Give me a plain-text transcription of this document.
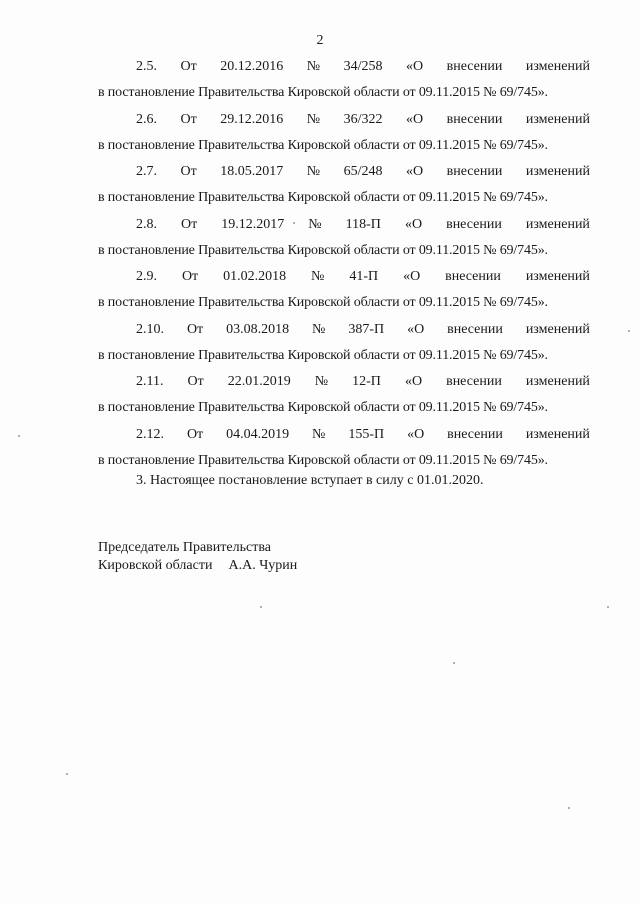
2
2.5. От 20.12.2016 № 34/258 «О внесении изменений
в постановление Правительства Кировской области от 09.11.2015 № 69/745».
2.6. От 29.12.2016 № 36/322 «О внесении изменений
в постановление Правительства Кировской области от 09.11.2015 № 69/745».
2.7. От 18.05.2017 № 65/248 «О внесении изменений
в постановление Правительства Кировской области от 09.11.2015 № 69/745».
2.8. От 19.12.2017 № 118-П «О внесении изменений
в постановление Правительства Кировской области от 09.11.2015 № 69/745».
2.9. От 01.02.2018 № 41-П «О внесении изменений
в постановление Правительства Кировской области от 09.11.2015 № 69/745».
2.10. От 03.08.2018 № 387-П «О внесении изменений
в постановление Правительства Кировской области от 09.11.2015 № 69/745».
2.11. От 22.01.2019 № 12-П «О внесении изменений
в постановление Правительства Кировской области от 09.11.2015 № 69/745».
2.12. От 04.04.2019 № 155-П «О внесении изменений
в постановление Правительства Кировской области от 09.11.2015 № 69/745».
3. Настоящее постановление вступает в силу с 01.01.2020.
Председатель Правительства
Кировской области А.А. Чурин
